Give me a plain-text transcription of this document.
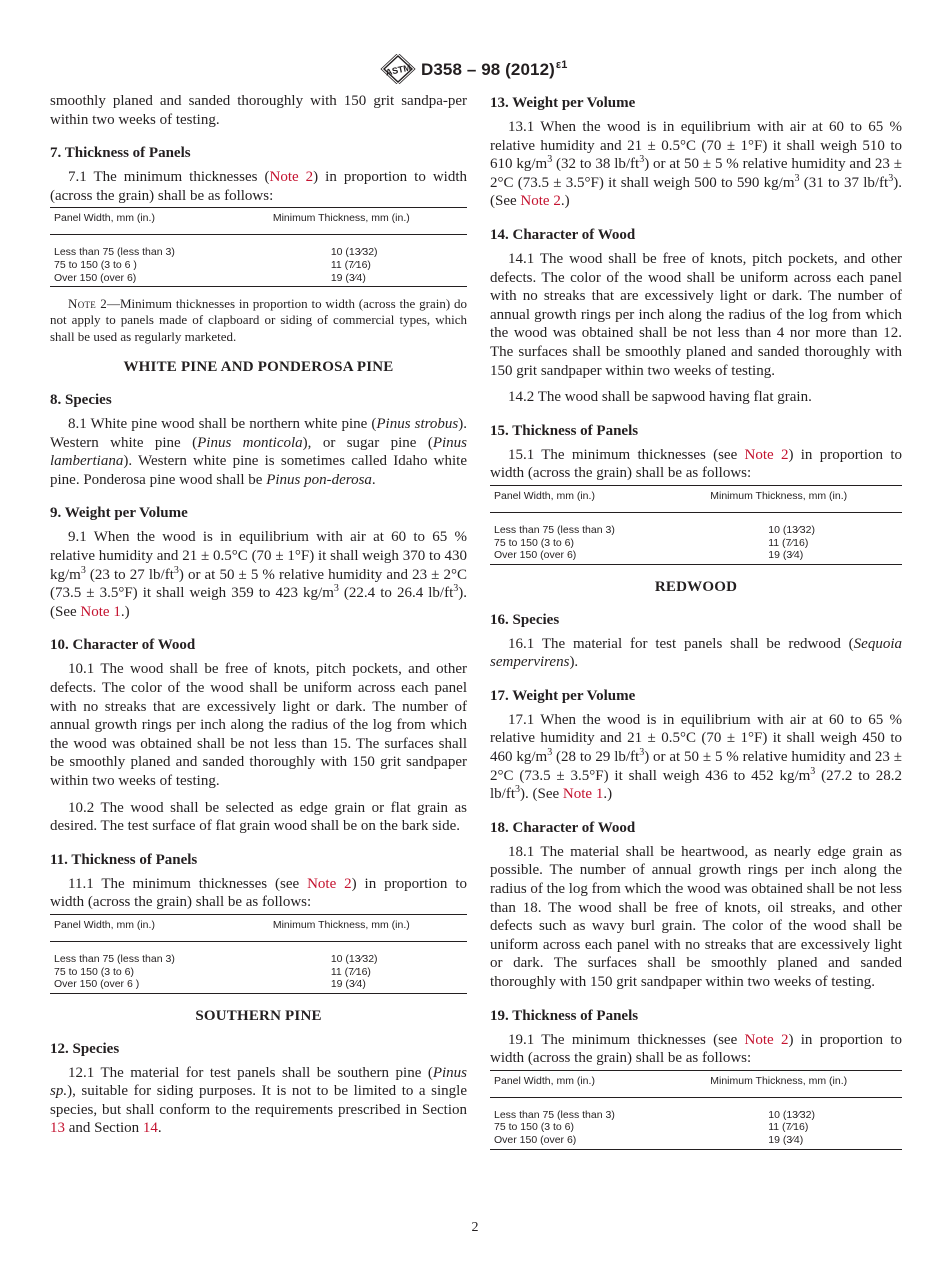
ASTM D358 – 98 $(2012)^{\varepsilon 1}$

smoothly planed and sanded thoroughly with 150 grit sandpa-per within two weeks of testing.

7. Thickness of Panels

7.1 The minimum thicknesses (Note 2) in proportion to width (across the grain) shall be as follows:

Panel Width, mm (in.)	Minimum Thickness, mm (in.)
Less than 75 (less than 3)	10 (13⁄32)
75 to 150 (3 to 6 )	11 (7⁄16)
Over 150 (over 6)	19 (3⁄4)
Note 2—Minimum thicknesses in proportion to width (across the grain) do not apply to panels made of clapboard or siding of commercial types, which shall be used as regularly marketed.
WHITE PINE AND PONDEROSA PINE
8. Species

8.1 White pine wood shall be northern white pine (Pinus strobus). Western white pine (Pinus monticola), or sugar pine (Pinus lambertiana). Western white pine is sometimes called Idaho white pine. Ponderosa pine wood shall be Pinus pon-derosa.

9. Weight per Volume

9.1 When the wood is in equilibrium with air at 60 to 65 % relative humidity and 21 ± 0.5°C (70 ± 1°F) it shall weigh 370 to 430 $kg/m^3$ (23 to 27 $lb/ft^3$) or at 50 ± 5 % relative humidity and 23 ± 2°C (73.5 ± 3.5°F) it shall weigh 359 to 423 $kg/m^3$ (22.4 to 26.4 $lb/ft^3$). (See Note 1.)

10. Character of Wood

10.1 The wood shall be free of knots, pitch pockets, and other defects. The color of the wood shall be uniform across each panel with no streaks that are excessively light or dark. The number of annual growth rings per inch along the radius of the log from which the wood was obtained shall be not less than 15. The surfaces shall be smoothly planed and sanded thoroughly with 150 grit sandpaper within two weeks of testing.

10.2 The wood shall be selected as edge grain or flat grain as desired. The test surface of flat grain wood shall be on the bark side.

11. Thickness of Panels

11.1 The minimum thicknesses (see Note 2) in proportion to width (across the grain) shall be as follows:

Panel Width, mm (in.)	Minimum Thickness, mm (in.)
Less than 75 (less than 3)	10 (13⁄32)
75 to 150 (3 to 6)	11 (7⁄16)
Over 150 (over 6 )	19 (3⁄4)
SOUTHERN PINE
12. Species

12.1 The material for test panels shall be southern pine (Pinus sp.), suitable for siding purposes. It is not to be limited to a single species, but shall conform to the requirements prescribed in Section 13 and Section 14.

13. Weight per Volume

13.1 When the wood is in equilibrium with air at 60 to 65 % relative humidity and 21 ± 0.5°C (70 ± 1°F) it shall weigh 510 to 610 $kg/m^3$ (32 to 38 $lb/ft^3$) or at 50 ± 5 % relative humidity and 23 ± 2°C (73.5 ± 3.5°F) it shall weigh 500 to 590 $kg/m^3$ (31 to 37 $lb/ft^3$). (See Note 2.)

14. Character of Wood

14.1 The wood shall be free of knots, pitch pockets, and other defects. The color of the wood shall be uniform across each panel with no streaks that are excessively light or dark. The number of annual growth rings per inch along the radius of the log from which the wood was obtained shall be not less than 4 nor more than 12. The surfaces shall be smoothly planed and sanded thoroughly with 150 grit sandpaper within two weeks of testing.

14.2 The wood shall be sapwood having flat grain.

15. Thickness of Panels

15.1 The minimum thicknesses (see Note 2) in proportion to width (across the grain) shall be as follows:

Panel Width, mm (in.)	Minimum Thickness, mm (in.)
Less than 75 (less than 3)	10 (13⁄32)
75 to 150 (3 to 6)	11 (7⁄16)
Over 150 (over 6)	19 (3⁄4)
REDWOOD
16. Species

16.1 The material for test panels shall be redwood (Sequoia sempervirens).

17. Weight per Volume

17.1 When the wood is in equilibrium with air at 60 to 65 % relative humidity and 21 ± 0.5°C (70 ± 1°F) it shall weigh 450 to 460 $kg/m^3$ (28 to 29 $lb/ft^3$) or at 50 ± 5 % relative humidity and 23 ± 2°C (73.5 ± 3.5°F) it shall weigh 436 to 452 $kg/m^3$ (27.2 to 28.2 $lb/ft^3$). (See Note 1.)

18. Character of Wood

18.1 The material shall be heartwood, as nearly edge grain as possible. The number of annual growth rings per inch along the radius of the log from which the wood was obtained shall be not less than 18. The wood shall be free of knots, oil streaks, and other defects such as wavy burl grain. The color of the wood shall be uniform across each panel with no streaks that are excessively light or dark. The surfaces shall be smoothly planed and sanded thoroughly with 150 grit sandpaper within two weeks of testing.

19. Thickness of Panels

19.1 The minimum thicknesses (see Note 2) in proportion to width (across the grain) shall be as follows:

Panel Width, mm (in.)	Minimum Thickness, mm (in.)
Less than 75 (less than 3)	10 (13⁄32)
75 to 150 (3 to 6)	11 (7⁄16)
Over 150 (over 6)	19 (3⁄4)
2
